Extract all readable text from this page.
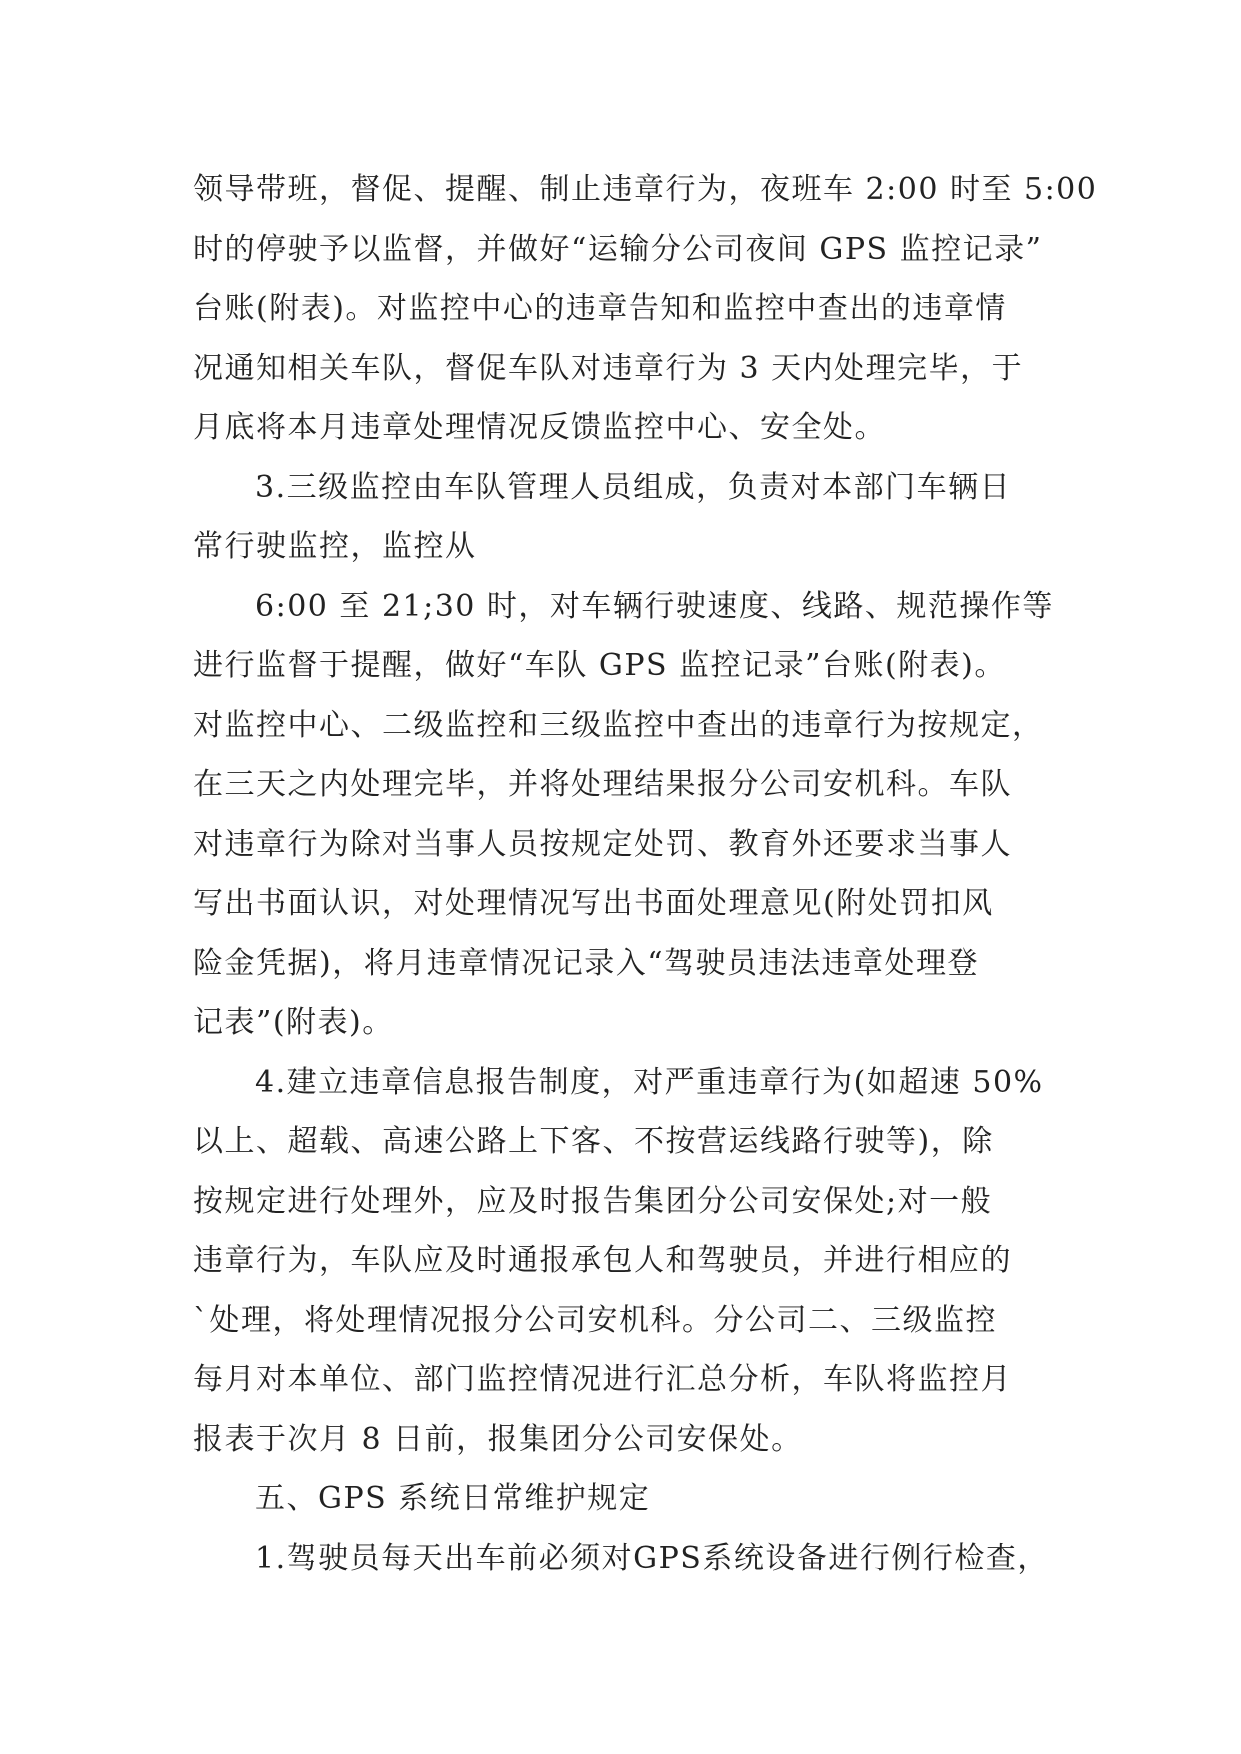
领导带班，督促、提醒、制止违章行为，夜班车 2:00 时至 5:00
时的停驶予以监督，并做好“运输分公司夜间 GPS 监控记录”
台账(附表)。对监控中心的违章告知和监控中查出的违章情
况通知相关车队，督促车队对违章行为 3 天内处理完毕，于
月底将本月违章处理情况反馈监控中心、安全处。
3.三级监控由车队管理人员组成，负责对本部门车辆日
常行驶监控，监控从
6:00 至 21;30 时，对车辆行驶速度、线路、规范操作等
进行监督于提醒，做好“车队 GPS 监控记录”台账(附表)。
对监控中心、二级监控和三级监控中查出的违章行为按规定，
在三天之内处理完毕，并将处理结果报分公司安机科。车队
对违章行为除对当事人员按规定处罚、教育外还要求当事人
写出书面认识，对处理情况写出书面处理意见(附处罚扣风
险金凭据)，将月违章情况记录入“驾驶员违法违章处理登
记表”(附表)。
4.建立违章信息报告制度，对严重违章行为(如超速 50%
以上、超载、高速公路上下客、不按营运线路行驶等)，除
按规定进行处理外，应及时报告集团分公司安保处;对一般
违章行为，车队应及时通报承包人和驾驶员，并进行相应的
`处理，将处理情况报分公司安机科。分公司二、三级监控
每月对本单位、部门监控情况进行汇总分析，车队将监控月
报表于次月 8 日前，报集团分公司安保处。
五、GPS 系统日常维护规定
1.驾驶员每天出车前必须对GPS系统设备进行例行检查，
